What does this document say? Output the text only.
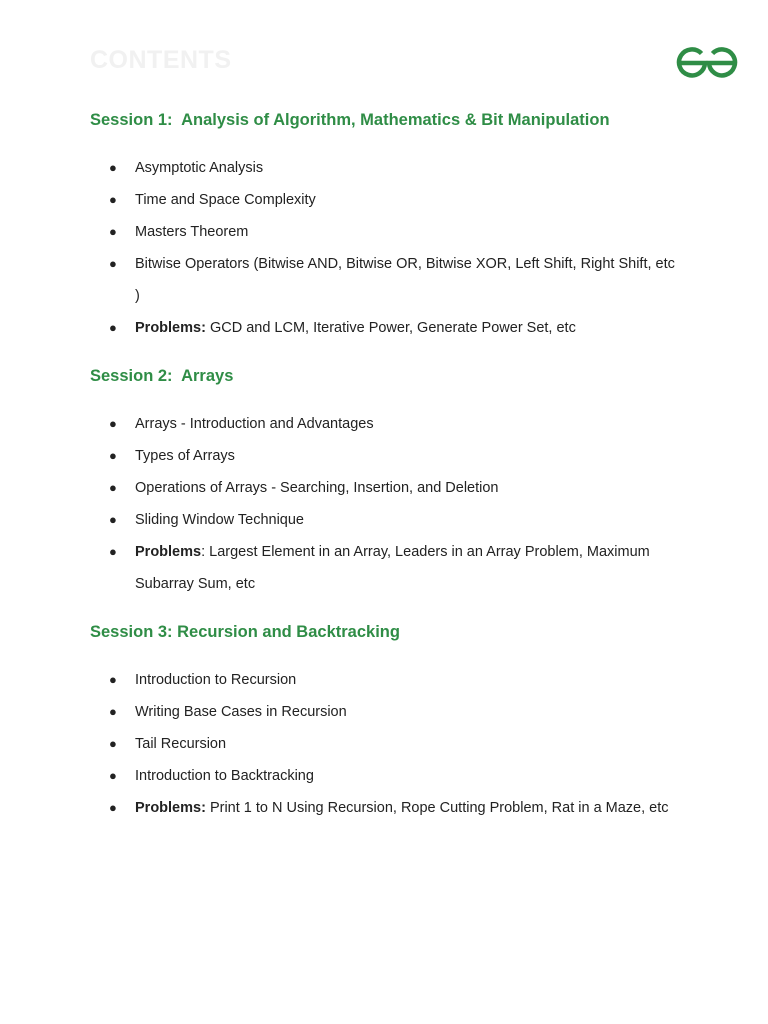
CONTENTS
Session 1:  Analysis of Algorithm, Mathematics & Bit Manipulation
● Asymptotic Analysis
● Time and Space Complexity
● Masters Theorem
● Bitwise Operators (Bitwise AND, Bitwise OR, Bitwise XOR, Left Shift, Right Shift, etc )
● Problems: GCD and LCM, Iterative Power, Generate Power Set, etc
Session 2:  Arrays
● Arrays - Introduction and Advantages
● Types of Arrays
● Operations of Arrays - Searching, Insertion, and Deletion
● Sliding Window Technique
● Problems: Largest Element in an Array, Leaders in an Array Problem, Maximum Subarray Sum, etc
Session 3: Recursion and Backtracking
● Introduction to Recursion
● Writing Base Cases in Recursion
● Tail Recursion
● Introduction to Backtracking
● Problems: Print 1 to N Using Recursion, Rope Cutting Problem, Rat in a Maze, etc
